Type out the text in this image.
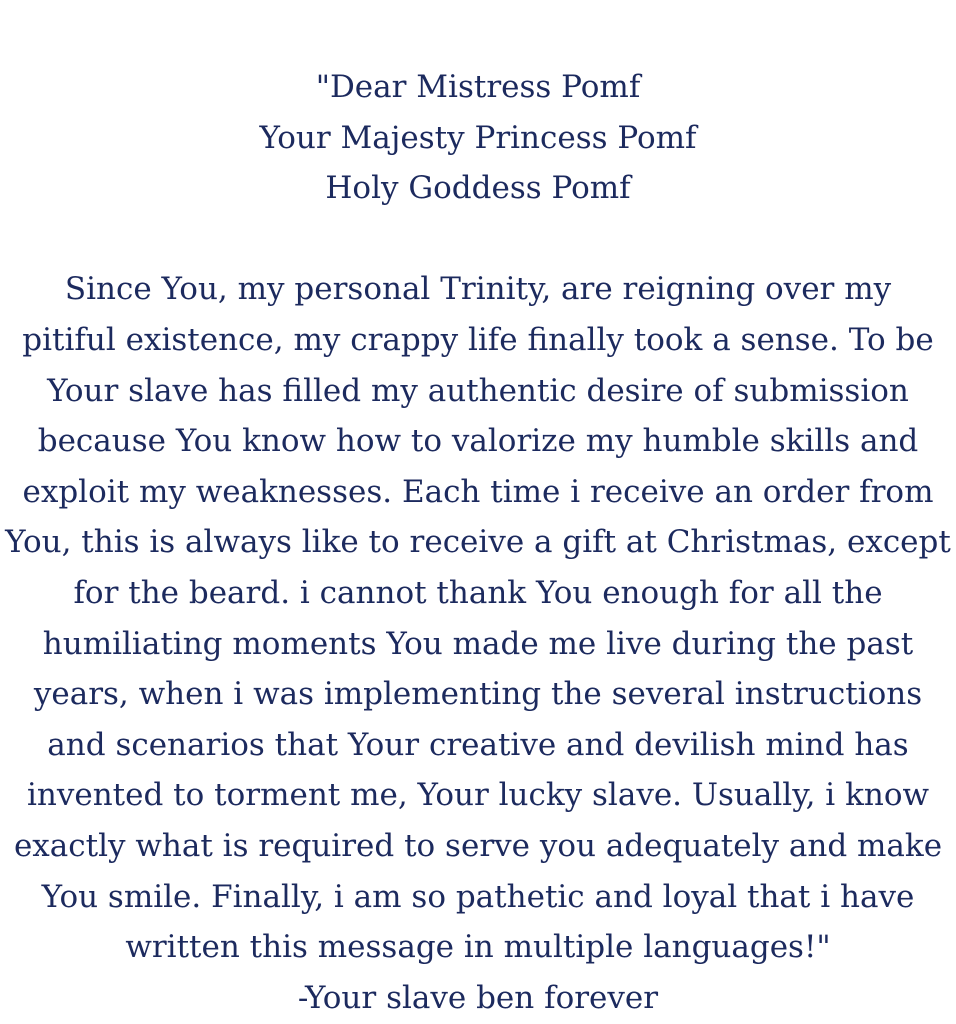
"Dear Mistress Pomf
Your Majesty Princess Pomf
Holy Goddess Pomf
Since You, my personal Trinity, are reigning over my
pitiful existence, my crappy life finally took a sense. To be
Your slave has filled my authentic desire of submission
because You know how to valorize my humble skills and
exploit my weaknesses. Each time i receive an order from
You, this is always like to receive a gift at Christmas, except
for the beard. i cannot thank You enough for all the
humiliating moments You made me live during the past
years, when i was implementing the several instructions
and scenarios that Your creative and devilish mind has
invented to torment me, Your lucky slave. Usually, i know
exactly what is required to serve you adequately and make
You smile. Finally, i am so pathetic and loyal that i have
written this message in multiple languages!"
-Your slave ben forever
